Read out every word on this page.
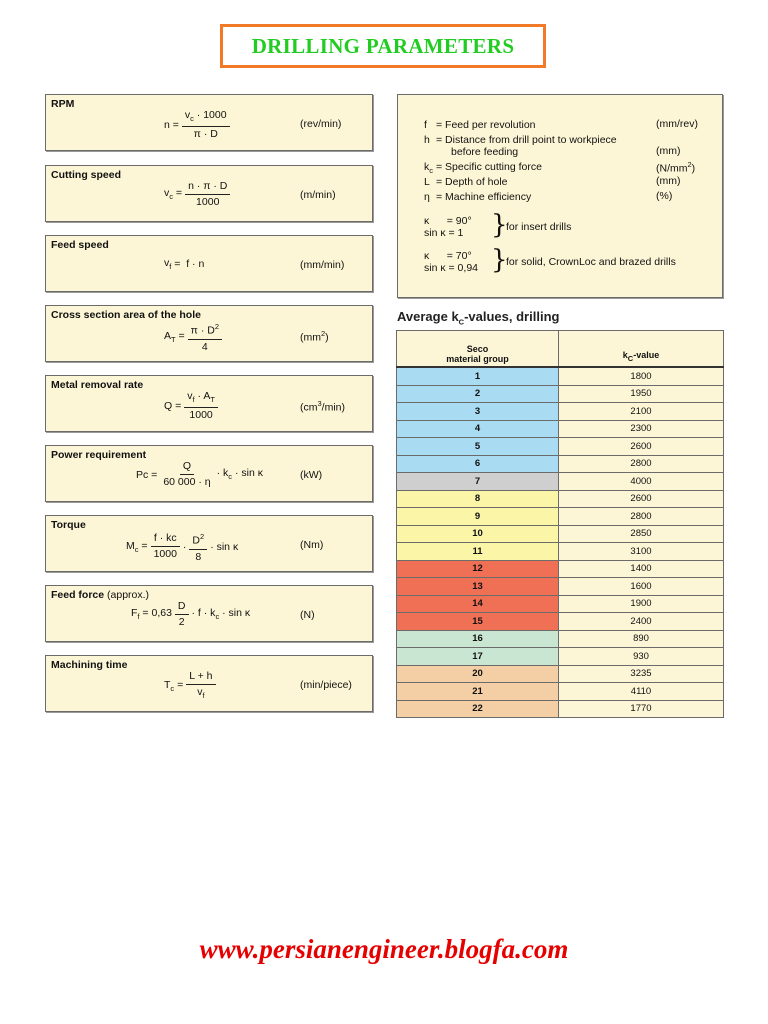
DRILLING PARAMETERS
RPM
$n = \frac{v_c \cdot 1000}{\pi \cdot D}$	(rev/min)
Cutting speed
$v_c = \frac{n \cdot \pi \cdot D}{1000}$	(m/min)
Feed speed
$v_f = f \cdot n$	(mm/min)
Cross section area of the hole
$A_T = \frac{\pi \cdot D^2}{4}$	$(mm^2)$
Metal removal rate
$Q = \frac{v_f \cdot A_T}{1000}$	$(cm^3/\min)$
Power requirement
$Pc = \frac{Q}{60 000 \cdot \eta} \cdot k_c \cdot \sin \kappa$	(kW)
Torque
$M_c = \frac{f \cdot kc}{1000} \cdot \frac{D^2}{8} \cdot \sin \kappa$	(Nm)
Feed force (approx.)
$F_f = 0,63 \frac{D}{2} \cdot f \cdot k_c \cdot \sin \kappa$	(N)
Machining time
$T_c = \frac{L + h}{v_f}$	(min/piece)
f = Feed per revolution	(mm/rev)
h = Distance from drill point to workpiece
before feeding	(mm)
$k_c$ = Specific cutting force	$(N/mm^2)$
L = Depth of hole	(mm)
η = Machine efficiency	(%)
κ      = 90°
sin κ = 1	}
for insert drills
κ      = 70°
sin κ = 0,94 }
for solid, CrownLoc and brazed drills
Average $k_C$-values, drilling
Seco
material group	$k_C$-value
1	1800
2	1950
3	2100
4	2300
5	2600
6	2800
7	4000
8	2600
9	2800
10	2850
11	3100
12	1400
13	1600
14	1900
15	2400
16	890
17	930
20	3235
21	4110
22	1770
www.persianengineer.blogfa.com
